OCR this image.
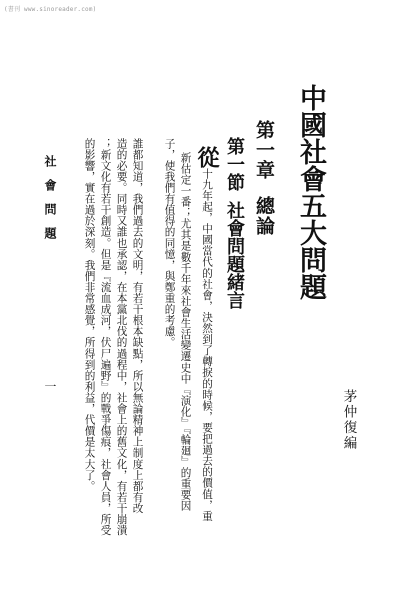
(書刊 www.sinoreader.com)
中國社會五大問題
茅仲復編
第一章總論
第一節社會問題緒言
從十九年起，中國當代的社會，決然到了轉捩的時候，要把過去的價值，重
新估定一番；尤其是數千年來社會生活變遷史中『演化』『輪廻』的重要因
子，使我們有值得的同憶，與鄭重的考慮。
誰都知道，我們過去的文明，有若干根本缺點，所以無論精神上制度上都有改
造的必要。同時又誰也承認，在本黨北伐的過程中，社會上的舊文化，有若干崩潰
；新文化有若干創造。但是『流血成河，伏尸遍野』的戰爭傷痕，社會人員，所受
的影響，實在過於深刻。我們非常感覺，所得到的利益，代價是太大了。
社會問題
一
